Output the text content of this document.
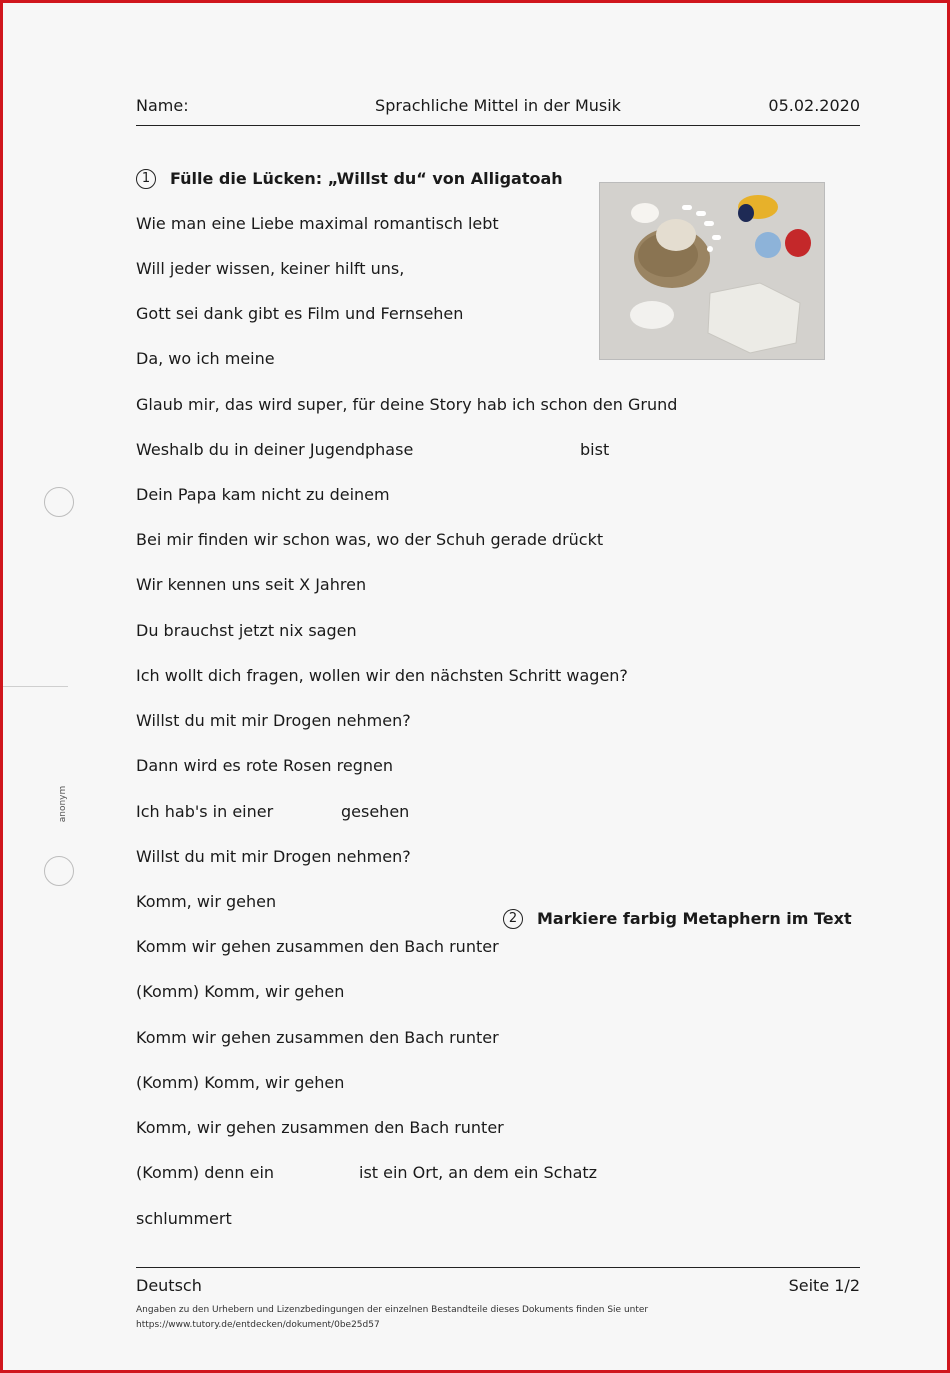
Name:	Sprachliche Mittel in der Musik	05.02.2020
1	Fülle die Lücken: „Willst du“ von Alligatoah
Wie man eine Liebe maximal romantisch lebt
Will jeder wissen, keiner hilft uns,
Gott sei dank gibt es Film und Fernsehen
Da, wo ich meine
Glaub mir, das wird super, für deine Story hab ich schon den Grund
Weshalb du in deiner Jugendphase	bist
Dein Papa kam nicht zu deinem
Bei mir finden wir schon was, wo der Schuh gerade drückt
Wir kennen uns seit X Jahren
Du brauchst jetzt nix sagen
Ich wollt dich fragen, wollen wir den nächsten Schritt wagen?
Willst du mit mir Drogen nehmen?
Dann wird es rote Rosen regnen
Ich hab's in einer	gesehen
Willst du mit mir Drogen nehmen?
Komm, wir gehen
Komm wir gehen zusammen den Bach runter
(Komm) Komm, wir gehen
Komm wir gehen zusammen den Bach runter
(Komm) Komm, wir gehen
Komm, wir gehen zusammen den Bach runter
(Komm) denn ein	ist ein Ort, an dem ein Schatz
schlummert
2	Markiere farbig Metaphern im Text
anonym
Deutsch	Seite 1/2
Angaben zu den Urhebern und Lizenzbedingungen der einzelnen Bestandteile dieses Dokuments finden Sie unter
https://www.tutory.de/entdecken/dokument/0be25d57
